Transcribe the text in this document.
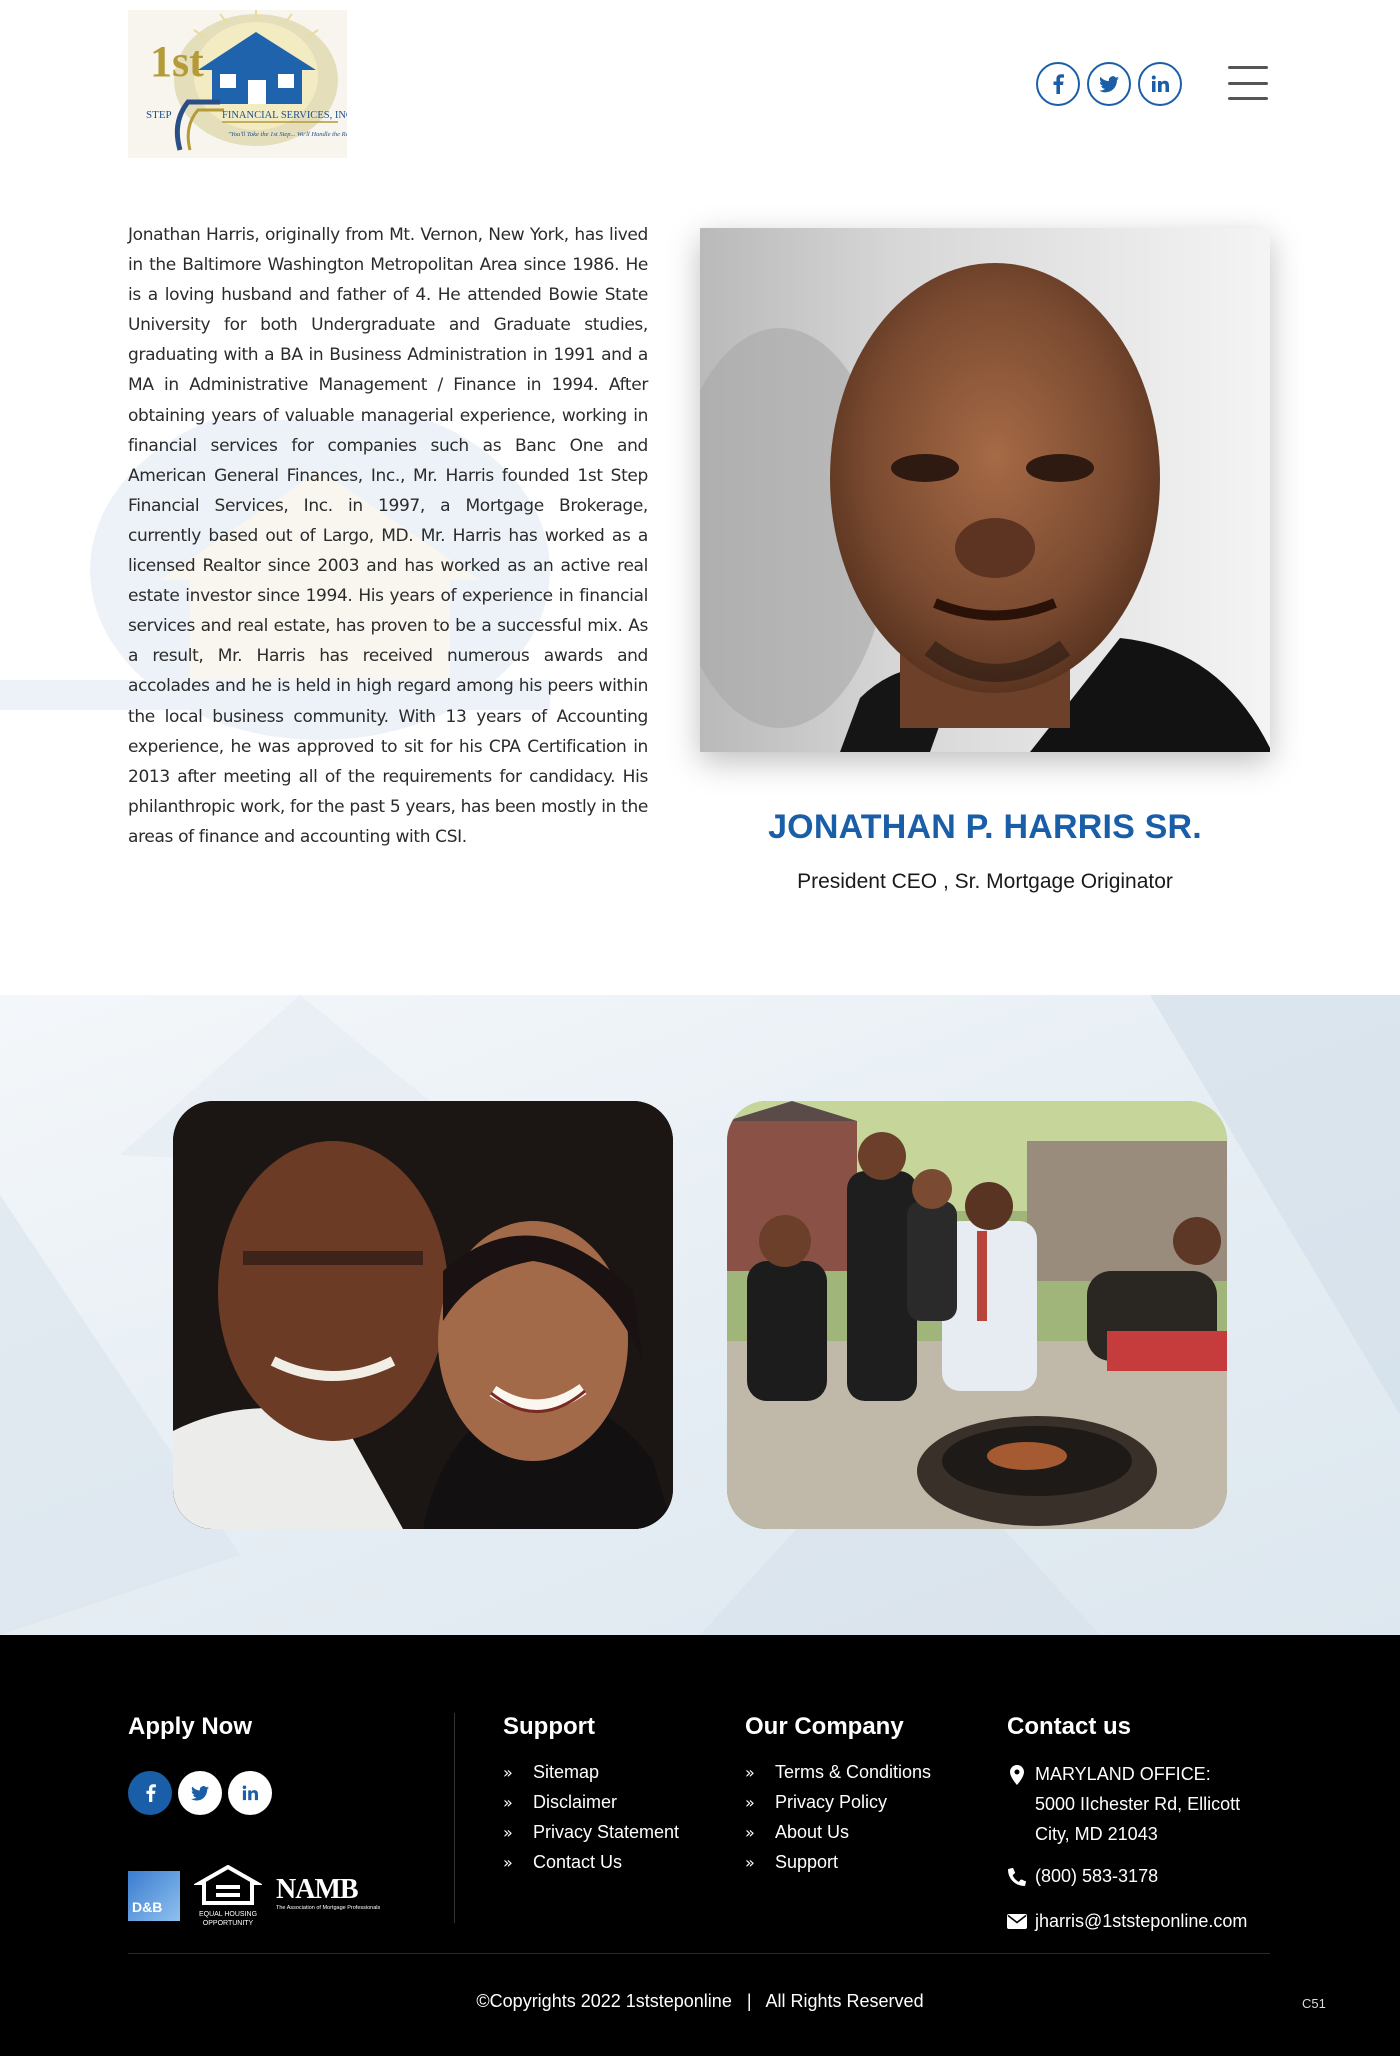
1st
STEP	FINANCIAL SERVICES, INC.
"You'll Take the 1st Step... We'll Handle the Rest"

Jonathan Harris, originally from Mt. Vernon, New York, has lived in the Baltimore Washington Metropolitan Area since 1986. He is a loving husband and father of 4. He attended Bowie State University for both Undergraduate and Graduate studies, graduating with a BA in Business Administration in 1991 and a MA in Administrative Management / Finance in 1994. After obtaining years of valuable managerial experience, working in financial services for companies such as Banc One and American General Finances, Inc., Mr. Harris founded 1st Step Financial Services, Inc. in 1997, a Mortgage Brokerage, currently based out of Largo, MD. Mr. Harris has worked as a licensed Realtor since 2003 and has worked as an active real estate investor since 1994. His years of experience in financial services and real estate, has proven to be a successful mix. As a result, Mr. Harris has received numerous awards and accolades and he is held in high regard among his peers within the local business community. With 13 years of Accounting experience, he was approved to sit for his CPA Certification in 2013 after meeting all of the requirements for candidacy. His philanthropic work, for the past 5 years, has been mostly in the areas of finance and accounting with CSI.	JONATHAN P. HARRIS SR.
President CEO , Sr. Mortgage Originator
Apply Now
D&B	EQUAL HOUSING
OPPORTUNITY
NAMB
The Association of Mortgage Professionals
Support
»	Sitemap
»	Disclaimer
»	Privacy Statement
»	Contact Us
Our Company
»	Terms & Conditions
»	Privacy Policy
»	About Us
»	Support
Contact us
MARYLAND OFFICE:
5000 IIchester Rd, Ellicott
City, MD 21043
(800) 583-3178
jharris@1ststeponline.com
©Copyrights 2022 1ststeponline   |   All Rights Reserved	C51
